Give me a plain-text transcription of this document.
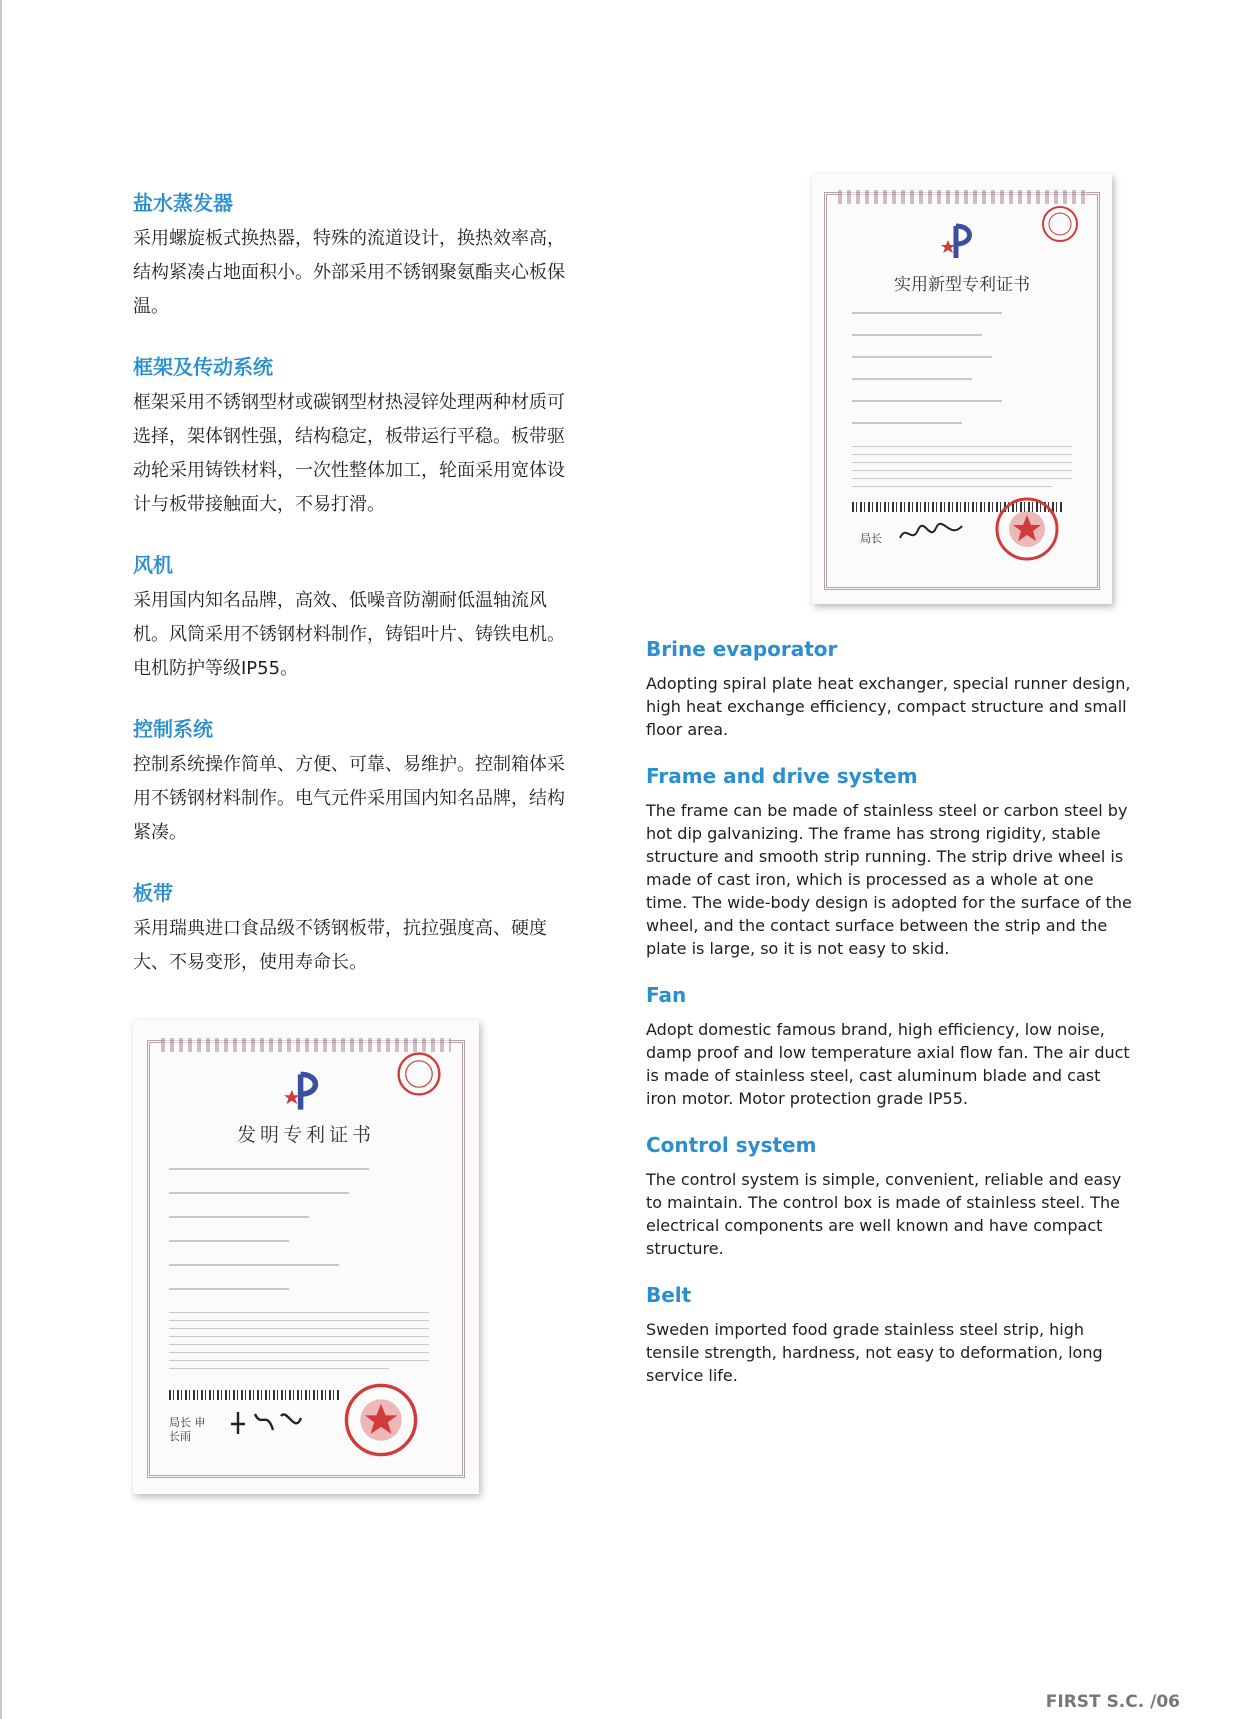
盐水蒸发器

采用螺旋板式换热器，特殊的流道设计，换热效率高，结构紧凑占地面积小。外部采用不锈钢聚氨酯夹心板保温。

框架及传动系统

框架采用不锈钢型材或碳钢型材热浸锌处理两种材质可选择，架体钢性强，结构稳定，板带运行平稳。板带驱动轮采用铸铁材料，一次性整体加工，轮面采用宽体设计与板带接触面大，不易打滑。

风机

采用国内知名品牌，高效、低噪音防潮耐低温轴流风机。风筒采用不锈钢材料制作，铸铝叶片、铸铁电机。电机防护等级IP55。

控制系统

控制系统操作简单、方便、可靠、易维护。控制箱体采用不锈钢材料制作。电气元件采用国内知名品牌，结构紧凑。

板带

采用瑞典进口食品级不锈钢板带，抗拉强度高、硬度大、不易变形，使用寿命长。

实用新型专利证书
局长
发明专利证书
局长 申长雨
Brine evaporator

Adopting spiral plate heat exchanger, special runner design, high heat exchange efficiency, compact structure and small floor area.

Frame and drive system

The frame can be made of stainless steel or carbon steel by hot dip galvanizing. The frame has strong rigidity, stable structure and smooth strip running. The strip drive wheel is made of cast iron, which is processed as a whole at one time. The wide-body design is adopted for the surface of the wheel, and the contact surface between the strip and the plate is large, so it is not easy to skid.

Fan

Adopt domestic famous brand, high efficiency, low noise, damp proof and low temperature axial flow fan. The air duct is made of stainless steel, cast aluminum blade and cast iron motor. Motor protection grade IP55.

Control system

The control system is simple, convenient, reliable and easy to maintain. The control box is made of stainless steel. The electrical components are well known and have compact structure.

Belt

Sweden imported food grade stainless steel strip, high tensile strength, hardness, not easy to deformation, long service life.

FIRST S.C. /06
